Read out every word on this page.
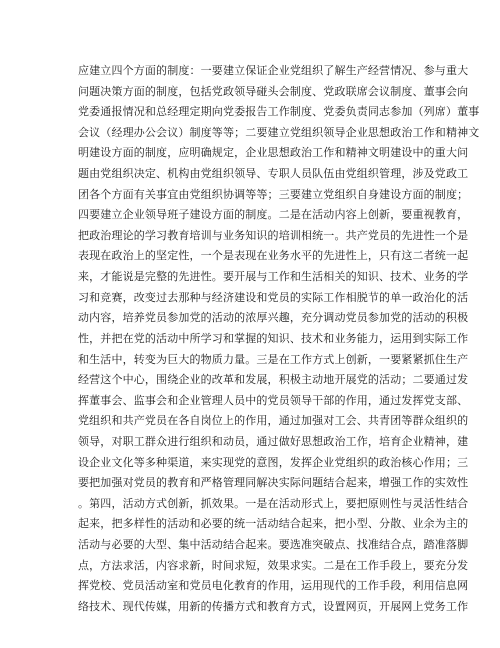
应建立四个方面的制度：一要建立保证企业党组织了解生产经营情况、参与重大
问题决策方面的制度，包括党政领导碰头会制度、党政联席会议制度、董事会向
党委通报情况和总经理定期向党委报告工作制度、党委负责同志参加（列席）董事
会议（经理办公会议）制度等等；二要建立党组织领导企业思想政治工作和精神文
明建设方面的制度，应明确规定，企业思想政治工作和精神文明建设中的重大问
题由党组织决定、机构由党组织领导、专职人员队伍由党组织管理，涉及党政工
团各个方面有关事宜由党组织协调等等；三要建立党组织自身建设方面的制度；
四要建立企业领导班子建设方面的制度。二是在活动内容上创新，要重视教育，
把政治理论的学习教育培训与业务知识的培训相统一。共产党员的先进性一个是
表现在政治上的坚定性，一个是表现在业务水平的先进性上，只有这二者统一起
来，才能说是完整的先进性。要开展与工作和生活相关的知识、技术、业务的学
习和竞赛，改变过去那种与经济建设和党员的实际工作相脱节的单一政治化的活
动内容，培养党员参加党的活动的浓厚兴趣，充分调动党员参加党的活动的积极
性，并把在党的活动中所学习和掌握的知识、技术和业务能力，运用到实际工作
和生活中，转变为巨大的物质力量。三是在工作方式上创新，一要紧紧抓住生产
经营这个中心，围绕企业的改革和发展，积极主动地开展党的活动；二要通过发
挥董事会、监事会和企业管理人员中的党员领导干部的作用，通过发挥党支部、
党组织和共产党员在各自岗位上的作用，通过加强对工会、共青团等群众组织的
领导，对职工群众进行组织和动员，通过做好思想政治工作，培育企业精神，建
设企业文化等多种渠道，来实现党的意图，发挥企业党组织的政治核心作用；三
要把加强对党员的教育和严格管理同解决实际问题结合起来，增强工作的实效性
。第四，活动方式创新，抓效果。一是在活动形式上，要把原则性与灵活性结合
起来，把多样性的活动和必要的统一活动结合起来，把小型、分散、业余为主的
活动与必要的大型、集中活动结合起来。要选准突破点、找准结合点，踏准落脚
点，方法求活，内容求新，时间求短，效果求实。二是在工作手段上，要充分发
挥党校、党员活动室和党员电化教育的作用，运用现代的工作手段，利用信息网
络技术、现代传媒，用新的传播方式和教育方式，设置网页，开展网上党务工作
